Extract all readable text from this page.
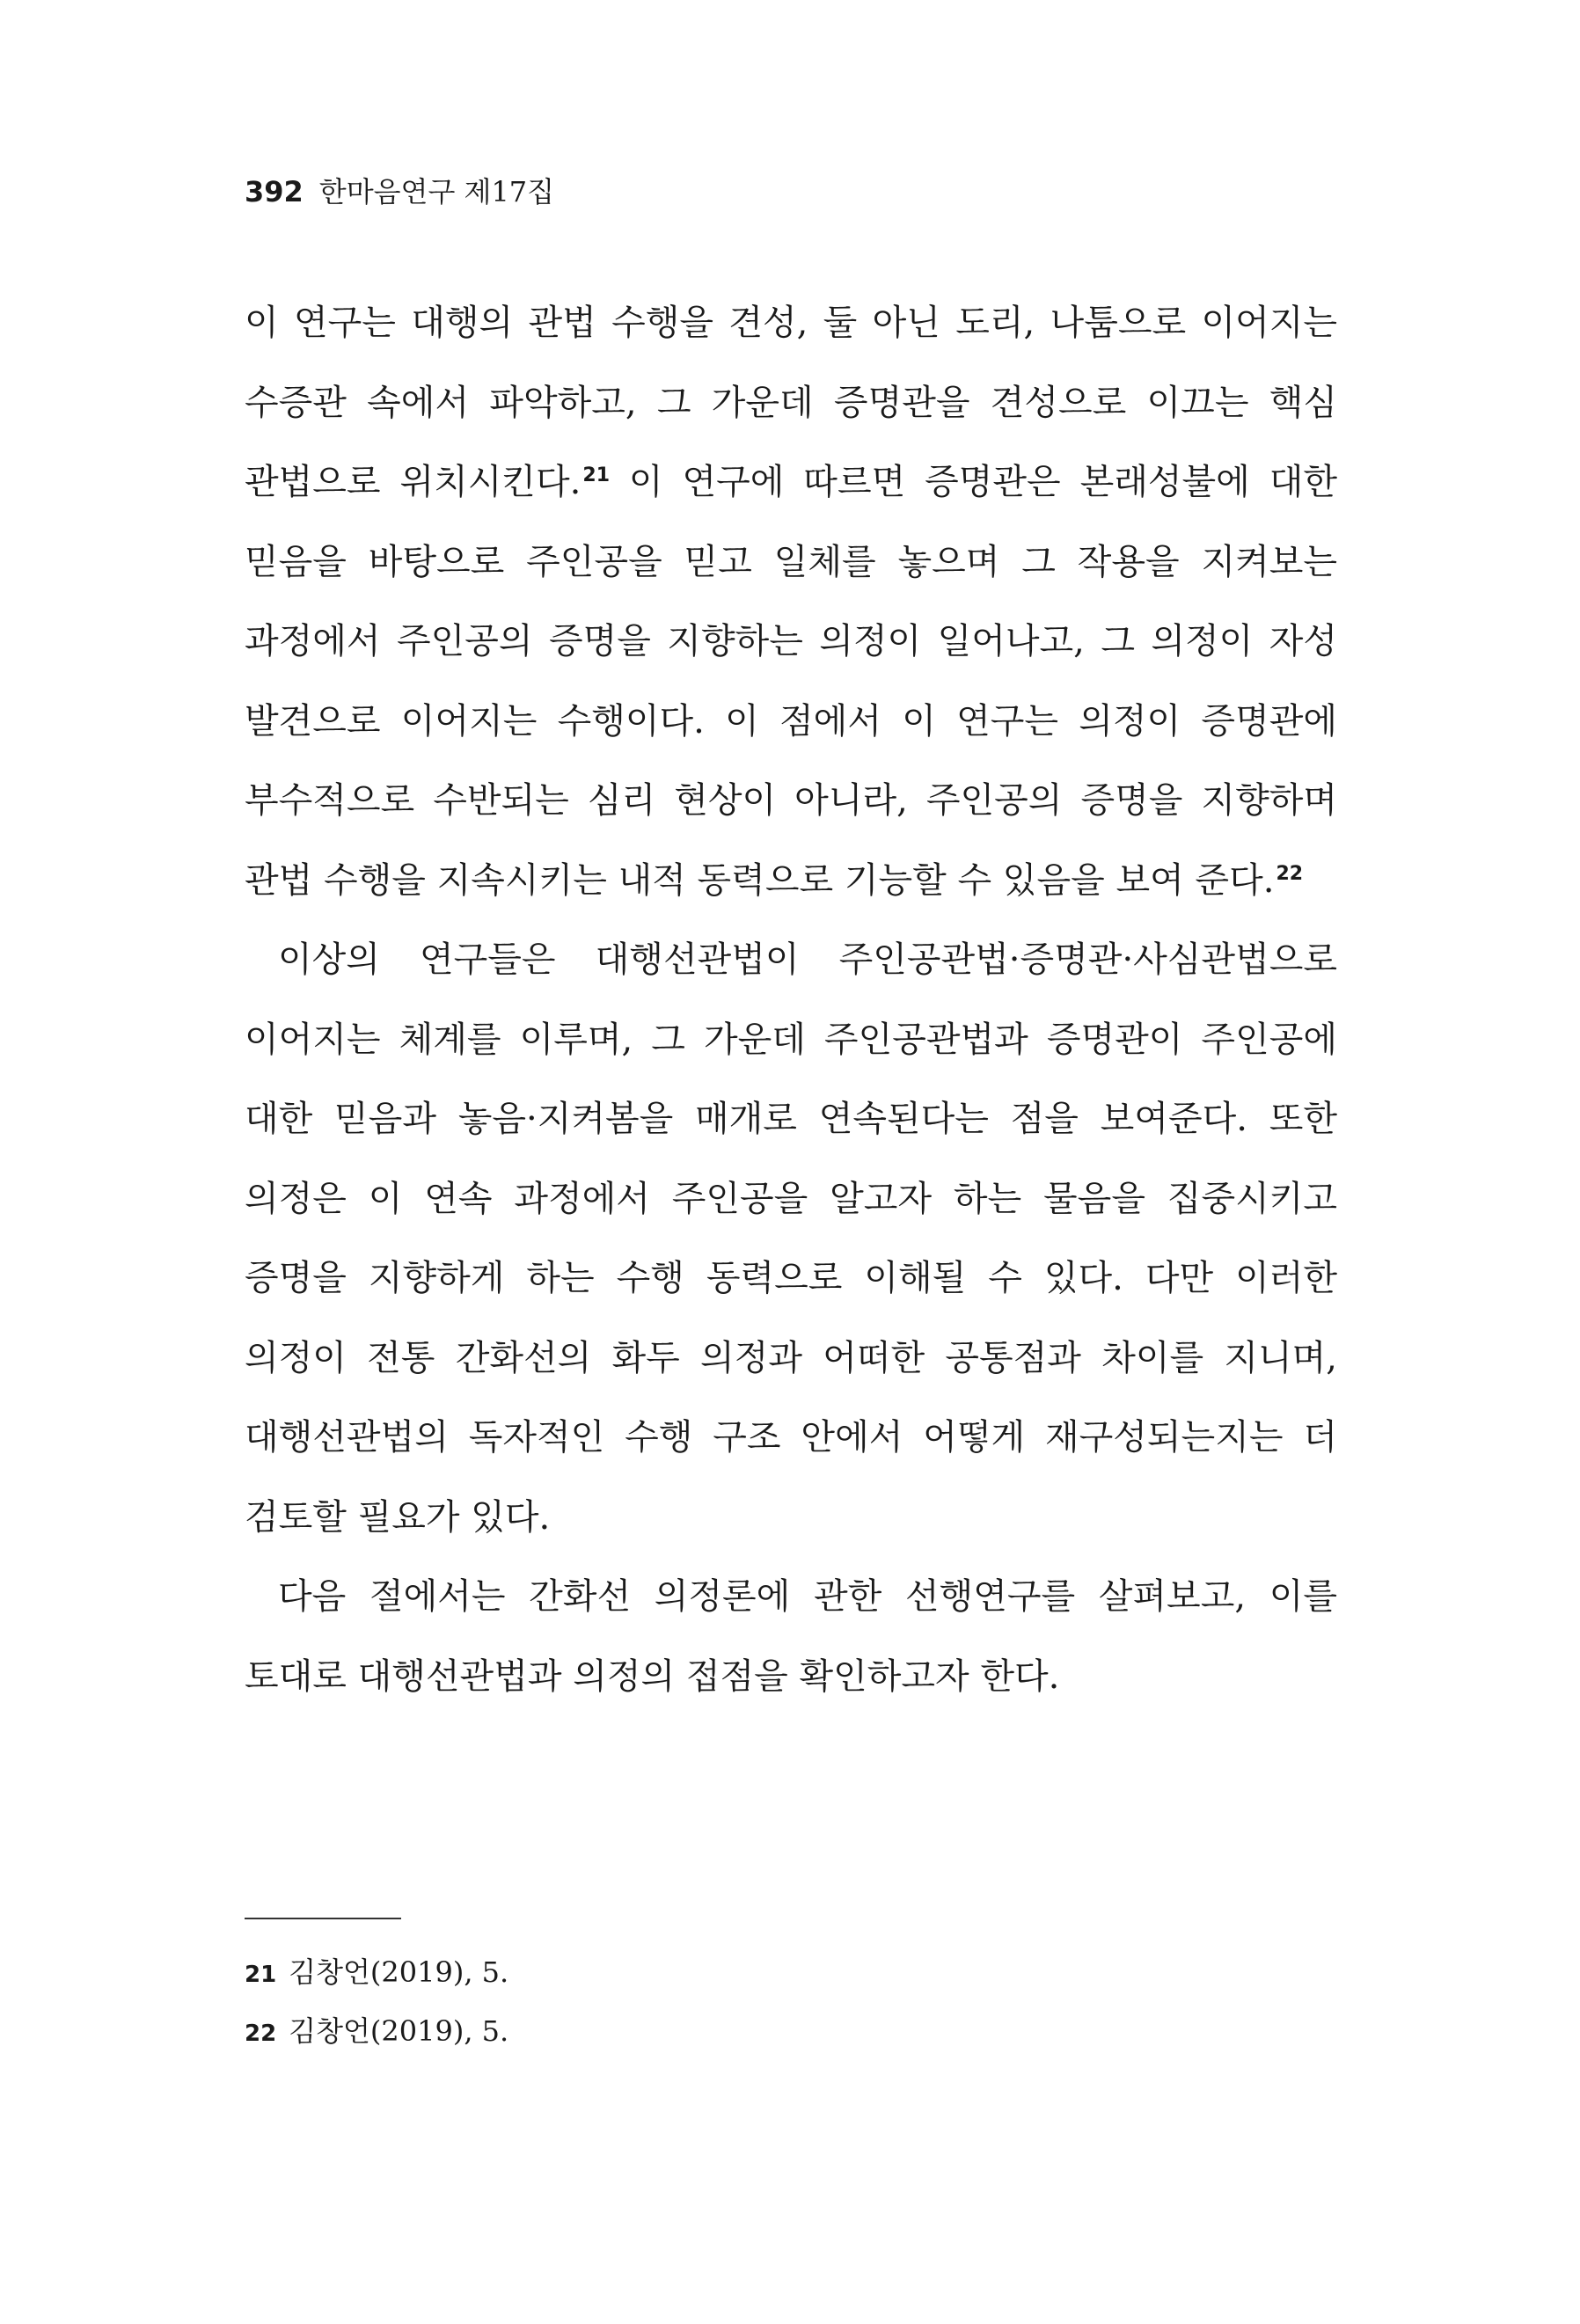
392 한마음연구 제17집
이 연구는 대행의 관법 수행을 견성, 둘 아닌 도리, 나툼으로 이어지는
수증관 속에서 파악하고, 그 가운데 증명관을 견성으로 이끄는 핵심
관법으로 위치시킨다.$^{21}$ 이 연구에 따르면 증명관은 본래성불에 대한
믿음을 바탕으로 주인공을 믿고 일체를 놓으며 그 작용을 지켜보는
과정에서 주인공의 증명을 지향하는 의정이 일어나고, 그 의정이 자성
발견으로 이어지는 수행이다. 이 점에서 이 연구는 의정이 증명관에
부수적으로 수반되는 심리 현상이 아니라, 주인공의 증명을 지향하며
관법 수행을 지속시키는 내적 동력으로 기능할 수 있음을 보여 준다.$^{22}$
이상의 연구들은 대행선관법이 주인공관법·증명관·사심관법으로
이어지는 체계를 이루며, 그 가운데 주인공관법과 증명관이 주인공에
대한 믿음과 놓음·지켜봄을 매개로 연속된다는 점을 보여준다. 또한
의정은 이 연속 과정에서 주인공을 알고자 하는 물음을 집중시키고
증명을 지향하게 하는 수행 동력으로 이해될 수 있다. 다만 이러한
의정이 전통 간화선의 화두 의정과 어떠한 공통점과 차이를 지니며,
대행선관법의 독자적인 수행 구조 안에서 어떻게 재구성되는지는 더
검토할 필요가 있다.
다음 절에서는 간화선 의정론에 관한 선행연구를 살펴보고, 이를
토대로 대행선관법과 의정의 접점을 확인하고자 한다.
21 김창언(2019), 5.
22 김창언(2019), 5.
